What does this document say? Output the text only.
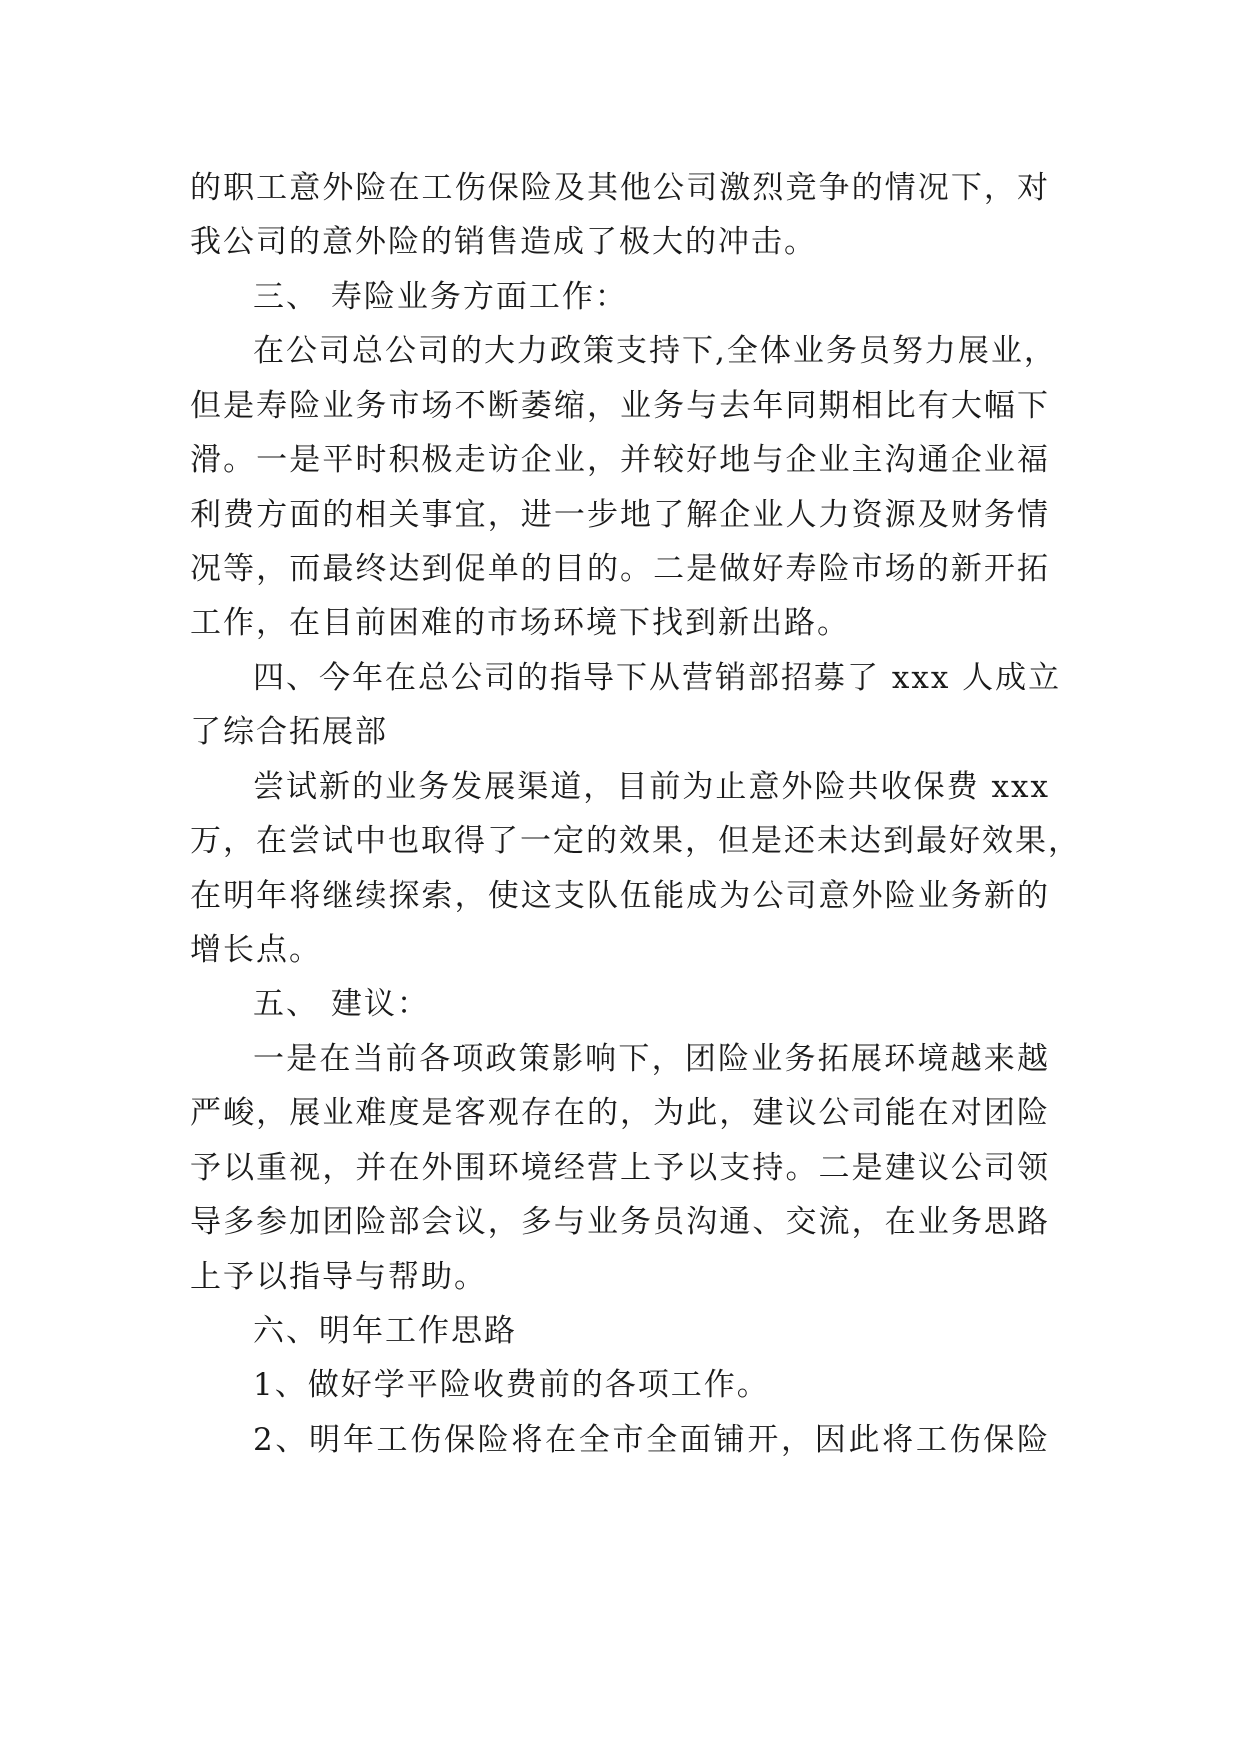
的职工意外险在工伤保险及其他公司激烈竞争的情况下，对
我公司的意外险的销售造成了极大的冲击。
三、 寿险业务方面工作：
在公司总公司的大力政策支持下,全体业务员努力展业，
但是寿险业务市场不断萎缩，业务与去年同期相比有大幅下
滑。一是平时积极走访企业，并较好地与企业主沟通企业福
利费方面的相关事宜，进一步地了解企业人力资源及财务情
况等，而最终达到促单的目的。二是做好寿险市场的新开拓
工作，在目前困难的市场环境下找到新出路。
四、今年在总公司的指导下从营销部招募了 xxx 人成立
了综合拓展部
尝试新的业务发展渠道，目前为止意外险共收保费 xxx
万，在尝试中也取得了一定的效果，但是还未达到最好效果，
在明年将继续探索，使这支队伍能成为公司意外险业务新的
增长点。
五、 建议：
一是在当前各项政策影响下，团险业务拓展环境越来越
严峻，展业难度是客观存在的，为此，建议公司能在对团险
予以重视，并在外围环境经营上予以支持。二是建议公司领
导多参加团险部会议，多与业务员沟通、交流，在业务思路
上予以指导与帮助。
六、明年工作思路
1、做好学平险收费前的各项工作。
2、明年工伤保险将在全市全面铺开，因此将工伤保险
